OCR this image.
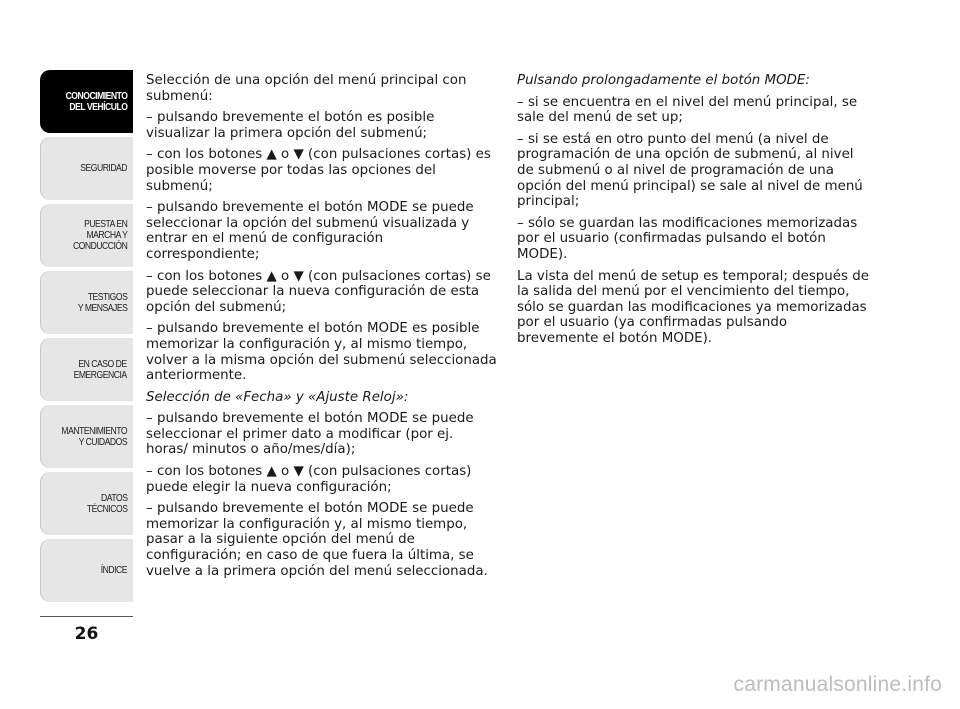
CONOCIMIENTO
DEL VEHÍCULO
SEGURIDAD
PUESTA EN
MARCHA Y
CONDUCCIÓN
TESTIGOS
Y MENSAJES
EN CASO DE
EMERGENCIA
MANTENIMIENTO
Y CUIDADOS
DATOS
TÉCNICOS
ÍNDICE
26

Selección de una opción del menú principal con submenú:

– pulsando brevemente el botón es posible visualizar la primera opción del submenú;

– con los botones ▲ o ▼ (con pulsaciones cortas) es posible moverse por todas las opciones del submenú;

– pulsando brevemente el botón MODE se puede seleccionar la opción del submenú visualizada y entrar en el menú de configuración correspondiente;

– con los botones ▲ o ▼ (con pulsaciones cortas) se puede seleccionar la nueva configuración de esta opción del submenú;

– pulsando brevemente el botón MODE es posible memorizar la configuración y, al mismo tiempo, volver a la misma opción del submenú seleccionada anteriormente.

Selección de «Fecha» y «Ajuste Reloj»:

– pulsando brevemente el botón MODE se puede seleccionar el primer dato a modificar (por ej. horas/ minutos o año/mes/día);

– con los botones ▲ o ▼ (con pulsaciones cortas) puede elegir la nueva configuración;

– pulsando brevemente el botón MODE se puede memorizar la configuración y, al mismo tiempo, pasar a la siguiente opción del menú de configuración; en caso de que fuera la última, se vuelve a la primera opción del menú seleccionada.

Pulsando prolongadamente el botón MODE:

– si se encuentra en el nivel del menú principal, se sale del menú de set up;

– si se está en otro punto del menú (a nivel de programación de una opción de submenú, al nivel de submenú o al nivel de programación de una opción del menú principal) se sale al nivel de menú principal;

– sólo se guardan las modificaciones memorizadas por el usuario (confirmadas pulsando el botón MODE).

La vista del menú de setup es temporal; después de la salida del menú por el vencimiento del tiempo, sólo se guardan las modificaciones ya memorizadas por el usuario (ya confirmadas pulsando brevemente el botón MODE).

carmanualsonline.info
